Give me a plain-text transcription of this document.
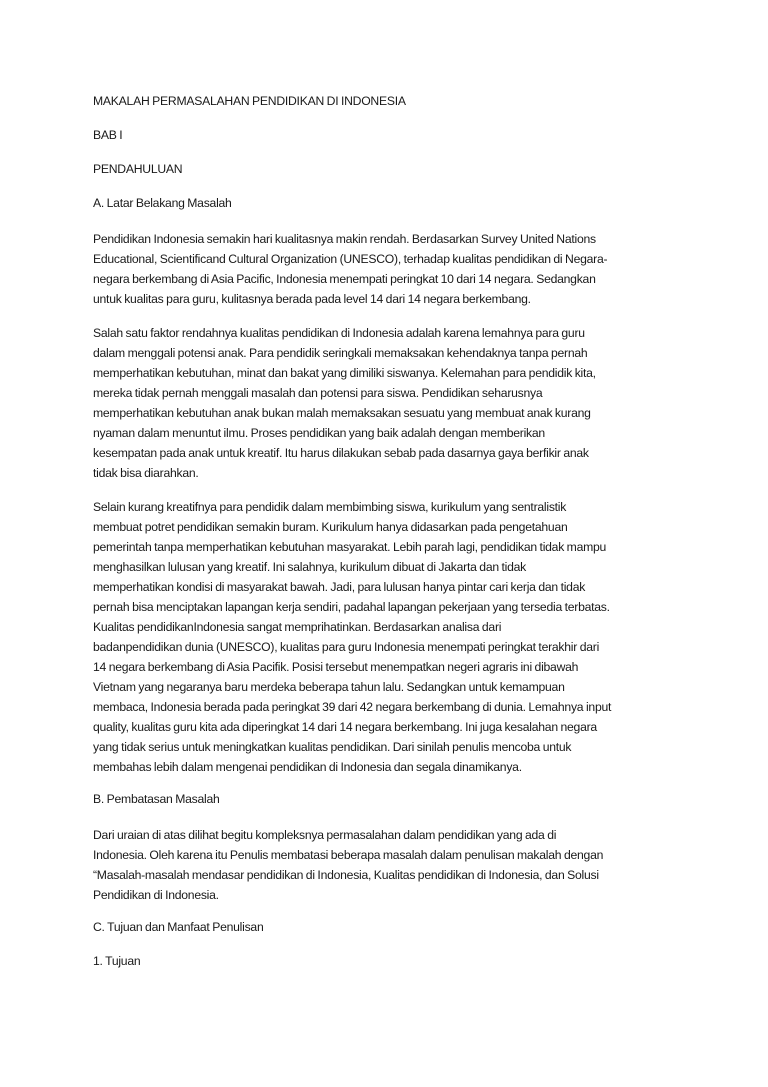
MAKALAH PERMASALAHAN PENDIDIKAN DI INDONESIA

BAB I

PENDAHULUAN

A. Latar Belakang Masalah

Pendidikan Indonesia semakin hari kualitasnya makin rendah. Berdasarkan Survey United Nations
Educational, Scientificand Cultural Organization (UNESCO), terhadap kualitas pendidikan di Negara-
negara berkembang di Asia Pacific, Indonesia menempati peringkat 10 dari 14 negara. Sedangkan
untuk kualitas para guru, kulitasnya berada pada level 14 dari 14 negara berkembang.

Salah satu faktor rendahnya kualitas pendidikan di Indonesia adalah karena lemahnya para guru
dalam menggali potensi anak. Para pendidik seringkali memaksakan kehendaknya tanpa pernah
memperhatikan kebutuhan, minat dan bakat yang dimiliki siswanya. Kelemahan para pendidik kita,
mereka tidak pernah menggali masalah dan potensi para siswa. Pendidikan seharusnya
memperhatikan kebutuhan anak bukan malah memaksakan sesuatu yang membuat anak kurang
nyaman dalam menuntut ilmu. Proses pendidikan yang baik adalah dengan memberikan
kesempatan pada anak untuk kreatif. Itu harus dilakukan sebab pada dasarnya gaya berfikir anak
tidak bisa diarahkan.

Selain kurang kreatifnya para pendidik dalam membimbing siswa, kurikulum yang sentralistik
membuat potret pendidikan semakin buram. Kurikulum hanya didasarkan pada pengetahuan
pemerintah tanpa memperhatikan kebutuhan masyarakat. Lebih parah lagi, pendidikan tidak mampu
menghasilkan lulusan yang kreatif. Ini salahnya, kurikulum dibuat di Jakarta dan tidak
memperhatikan kondisi di masyarakat bawah. Jadi, para lulusan hanya pintar cari kerja dan tidak
pernah bisa menciptakan lapangan kerja sendiri, padahal lapangan pekerjaan yang tersedia terbatas.
Kualitas pendidikanIndonesia sangat memprihatinkan. Berdasarkan analisa dari
badanpendidikan dunia (UNESCO), kualitas para guru Indonesia menempati peringkat terakhir dari
14 negara berkembang di Asia Pacifik. Posisi tersebut menempatkan negeri agraris ini dibawah
Vietnam yang negaranya baru merdeka beberapa tahun lalu. Sedangkan untuk kemampuan
membaca, Indonesia berada pada peringkat 39 dari 42 negara berkembang di dunia. Lemahnya input
quality, kualitas guru kita ada diperingkat 14 dari 14 negara berkembang. Ini juga kesalahan negara
yang tidak serius untuk meningkatkan kualitas pendidikan. Dari sinilah penulis mencoba untuk
membahas lebih dalam mengenai pendidikan di Indonesia dan segala dinamikanya.

B. Pembatasan Masalah

Dari uraian di atas dilihat begitu kompleksnya permasalahan dalam pendidikan yang ada di
Indonesia. Oleh karena itu Penulis membatasi beberapa masalah dalam penulisan makalah dengan
“Masalah-masalah mendasar pendidikan di Indonesia, Kualitas pendidikan di Indonesia, dan Solusi
Pendidikan di Indonesia.

C. Tujuan dan Manfaat Penulisan

1. Tujuan
